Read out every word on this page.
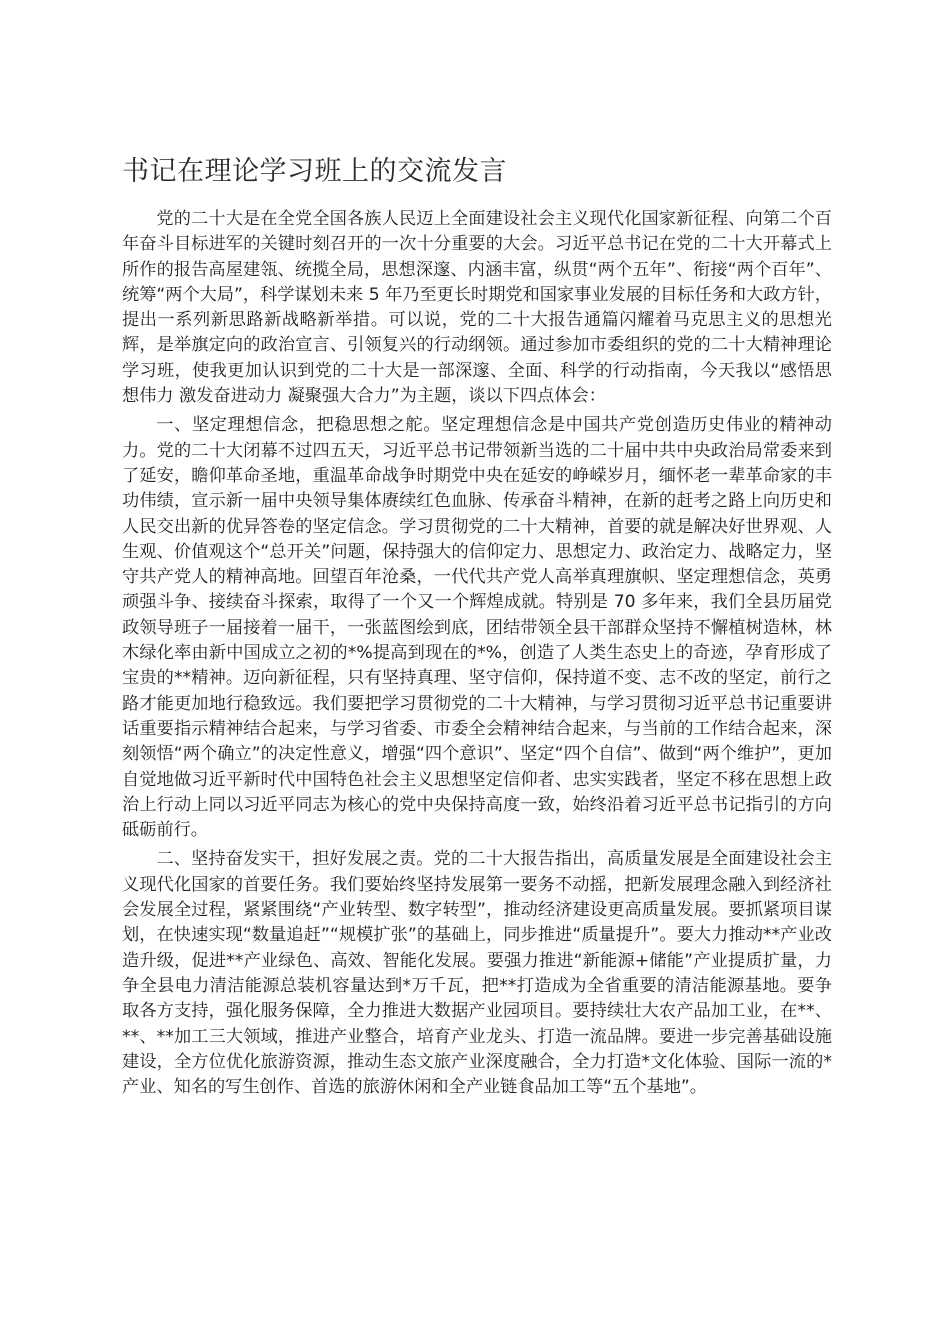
书记在理论学习班上的交流发言

党的二十大是在全党全国各族人民迈上全面建设社会主义现代化国家新征程、向第二个百年奋斗目标进军的关键时刻召开的一次十分重要的大会。习近平总书记在党的二十大开幕式上所作的报告高屋建瓴、统揽全局，思想深邃、内涵丰富，纵贯“两个五年”、衔接“两个百年”、统筹“两个大局”，科学谋划未来 5 年乃至更长时期党和国家事业发展的目标任务和大政方针，提出一系列新思路新战略新举措。可以说，党的二十大报告通篇闪耀着马克思主义的思想光辉，是举旗定向的政治宣言、引领复兴的行动纲领。通过参加市委组织的党的二十大精神理论学习班，使我更加认识到党的二十大是一部深邃、全面、科学的行动指南，今天我以“感悟思想伟力 激发奋进动力 凝聚强大合力”为主题，谈以下四点体会：

一、坚定理想信念，把稳思想之舵。坚定理想信念是中国共产党创造历史伟业的精神动力。党的二十大闭幕不过四五天，习近平总书记带领新当选的二十届中共中央政治局常委来到了延安，瞻仰革命圣地，重温革命战争时期党中央在延安的峥嵘岁月，缅怀老一辈革命家的丰功伟绩，宣示新一届中央领导集体赓续红色血脉、传承奋斗精神，在新的赶考之路上向历史和人民交出新的优异答卷的坚定信念。学习贯彻党的二十大精神，首要的就是解决好世界观、人生观、价值观这个“总开关”问题，保持强大的信仰定力、思想定力、政治定力、战略定力，坚守共产党人的精神高地。回望百年沧桑，一代代共产党人高举真理旗帜、坚定理想信念，英勇顽强斗争、接续奋斗探索，取得了一个又一个辉煌成就。特别是 70 多年来，我们全县历届党政领导班子一届接着一届干，一张蓝图绘到底，团结带领全县干部群众坚持不懈植树造林，林木绿化率由新中国成立之初的*%提高到现在的*%，创造了人类生态史上的奇迹，孕育形成了宝贵的**精神。迈向新征程，只有坚持真理、坚守信仰，保持道不变、志不改的坚定，前行之路才能更加地行稳致远。我们要把学习贯彻党的二十大精神，与学习贯彻习近平总书记重要讲话重要指示精神结合起来，与学习省委、市委全会精神结合起来，与当前的工作结合起来，深刻领悟“两个确立”的决定性意义，增强“四个意识”、坚定“四个自信”、做到“两个维护”，更加自觉地做习近平新时代中国特色社会主义思想坚定信仰者、忠实实践者，坚定不移在思想上政治上行动上同以习近平同志为核心的党中央保持高度一致，始终沿着习近平总书记指引的方向砥砺前行。

二、坚持奋发实干，担好发展之责。党的二十大报告指出，高质量发展是全面建设社会主义现代化国家的首要任务。我们要始终坚持发展第一要务不动摇，把新发展理念融入到经济社会发展全过程，紧紧围绕“产业转型、数字转型”，推动经济建设更高质量发展。要抓紧项目谋划，在快速实现“数量追赶”“规模扩张”的基础上，同步推进“质量提升”。要大力推动**产业改造升级，促进**产业绿色、高效、智能化发展。要强力推进“新能源+储能”产业提质扩量，力争全县电力清洁能源总装机容量达到*万千瓦，把**打造成为全省重要的清洁能源基地。要争取各方支持，强化服务保障，全力推进大数据产业园项目。要持续壮大农产品加工业，在**、**、**加工三大领域，推进产业整合，培育产业龙头、打造一流品牌。要进一步完善基础设施建设，全方位优化旅游资源，推动生态文旅产业深度融合，全力打造*文化体验、国际一流的*产业、知名的写生创作、首选的旅游休闲和全产业链食品加工等“五个基地”。
